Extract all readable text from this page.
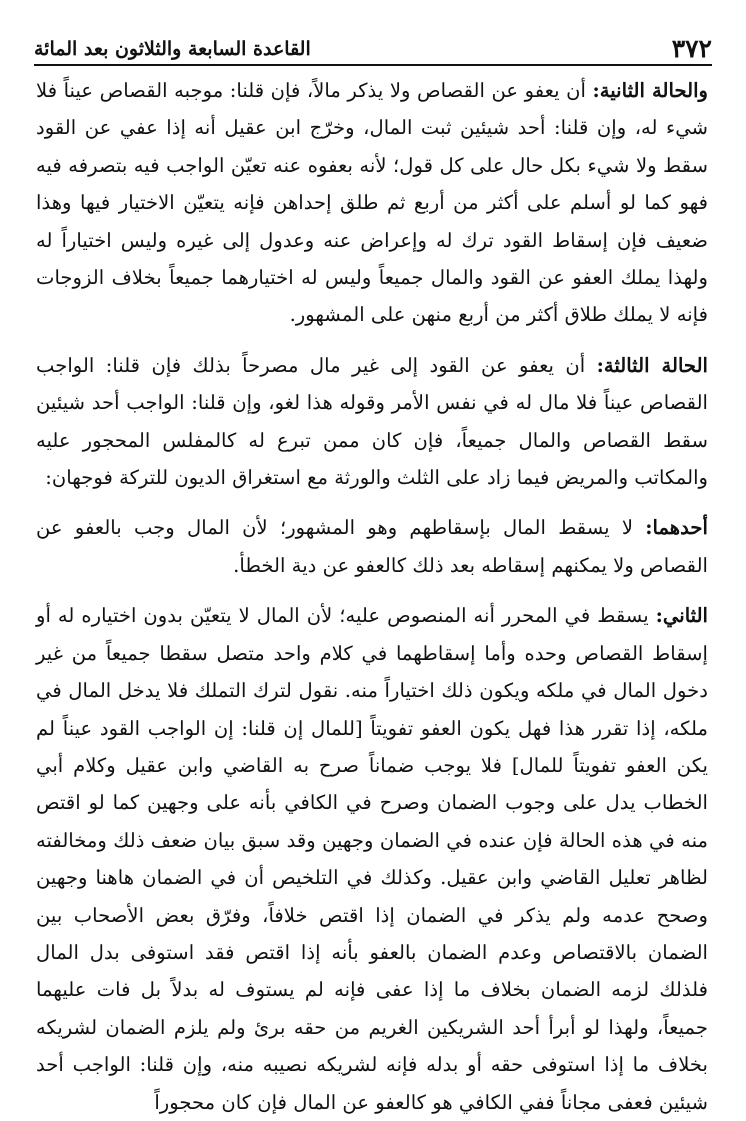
٣٧٢
القاعدة السابعة والثلاثون بعد المائة

والحالة الثانية: أن يعفو عن القصاص ولا يذكر مالاً، فإن قلنا: موجبه القصاص عيناً فلا شيء له، وإن قلنا: أحد شيئين ثبت المال، وخرّج ابن عقيل أنه إذا عفي عن القود سقط ولا شيء بكل حال على كل قول؛ لأنه بعفوه عنه تعيّن الواجب فيه بتصرفه فيه فهو كما لو أسلم على أكثر من أربع ثم طلق إحداهن فإنه يتعيّن الاختيار فيها وهذا ضعيف فإن إسقاط القود ترك له وإعراض عنه وعدول إلى غيره وليس اختياراً له ولهذا يملك العفو عن القود والمال جميعاً وليس له اختيارهما جميعاً بخلاف الزوجات فإنه لا يملك طلاق أكثر من أربع منهن على المشهور.

الحالة الثالثة: أن يعفو عن القود إلى غير مال مصرحاً بذلك فإن قلنا: الواجب القصاص عيناً فلا مال له في نفس الأمر وقوله هذا لغو، وإن قلنا: الواجب أحد شيئين سقط القصاص والمال جميعاً، فإن كان ممن تبرع له كالمفلس المحجور عليه والمكاتب والمريض فيما زاد على الثلث والورثة مع استغراق الديون للتركة فوجهان:

أحدهما: لا يسقط المال بإسقاطهم وهو المشهور؛ لأن المال وجب بالعفو عن القصاص ولا يمكنهم إسقاطه بعد ذلك كالعفو عن دية الخطأ.

الثاني: يسقط في المحرر أنه المنصوص عليه؛ لأن المال لا يتعيّن بدون اختياره له أو إسقاط القصاص وحده وأما إسقاطهما في كلام واحد متصل سقطا جميعاً من غير دخول المال في ملكه ويكون ذلك اختياراً منه. نقول لترك التملك فلا يدخل المال في ملكه، إذا تقرر هذا فهل يكون العفو تفويتاً [للمال إن قلنا: إن الواجب القود عيناً لم يكن العفو تفويتاً للمال] فلا يوجب ضماناً صرح به القاضي وابن عقيل وكلام أبي الخطاب يدل على وجوب الضمان وصرح في الكافي بأنه على وجهين كما لو اقتص منه في هذه الحالة فإن عنده في الضمان وجهين وقد سبق بيان ضعف ذلك ومخالفته لظاهر تعليل القاضي وابن عقيل. وكذلك في التلخيص أن في الضمان هاهنا وجهين وصحح عدمه ولم يذكر في الضمان إذا اقتص خلافاً، وفرّق بعض الأصحاب بين الضمان بالاقتصاص وعدم الضمان بالعفو بأنه إذا اقتص فقد استوفى بدل المال فلذلك لزمه الضمان بخلاف ما إذا عفى فإنه لم يستوف له بدلاً بل فات عليهما جميعاً، ولهذا لو أبرأ أحد الشريكين الغريم من حقه برئ ولم يلزم الضمان لشريكه بخلاف ما إذا استوفى حقه أو بدله فإنه لشريكه نصيبه منه، وإن قلنا: الواجب أحد شيئين فعفى مجاناً ففي الكافي هو كالعفو عن المال فإن كان محجوراً
